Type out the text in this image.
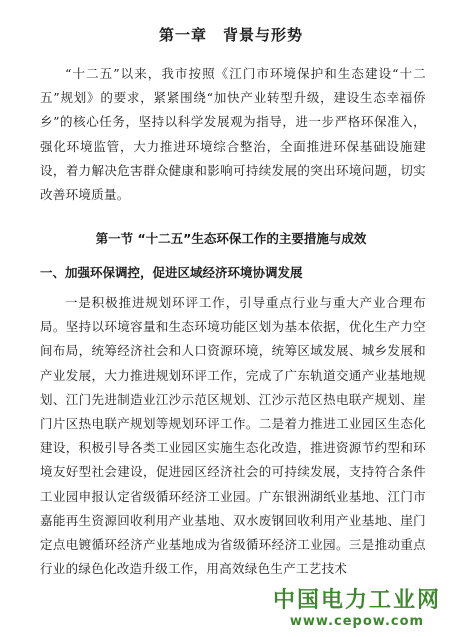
第一章　背景与形势

“十二五”以来，我市按照《江门市环境保护和生态建设“十二五”规划》的要求，紧紧围绕“加快产业转型升级，建设生态幸福侨乡”的核心任务，坚持以科学发展观为指导，进一步严格环保准入，强化环境监管，大力推进环境综合整治，全面推进环保基础设施建设，着力解决危害群众健康和影响可持续发展的突出环境问题，切实改善环境质量。

第一节 “十二五”生态环保工作的主要措施与成效
一、加强环保调控，促进区域经济环境协调发展

一是积极推进规划环评工作，引导重点行业与重大产业合理布局。坚持以环境容量和生态环境功能区划为基本依据，优化生产力空间布局，统筹经济社会和人口资源环境，统筹区域发展、城乡发展和产业发展，大力推进规划环评工作，完成了广东轨道交通产业基地规划、江门先进制造业江沙示范区规划、江沙示范区热电联产规划、崖门片区热电联产规划等规划环评工作。二是着力推进工业园区生态化建设，积极引导各类工业园区实施生态化改造，推进资源节约型和环境友好型社会建设，促进园区经济社会的可持续发展，支持符合条件工业园申报认定省级循环经济工业园。广东银洲湖纸业基地、江门市嘉能再生资源回收利用产业基地、双水废钢回收利用产业基地、崖门定点电镀循环经济产业基地成为省级循环经济工业园。三是推动重点行业的绿色化改造升级工作，用高效绿色生产工艺技术

中国电力工业网
www.cepow.com
